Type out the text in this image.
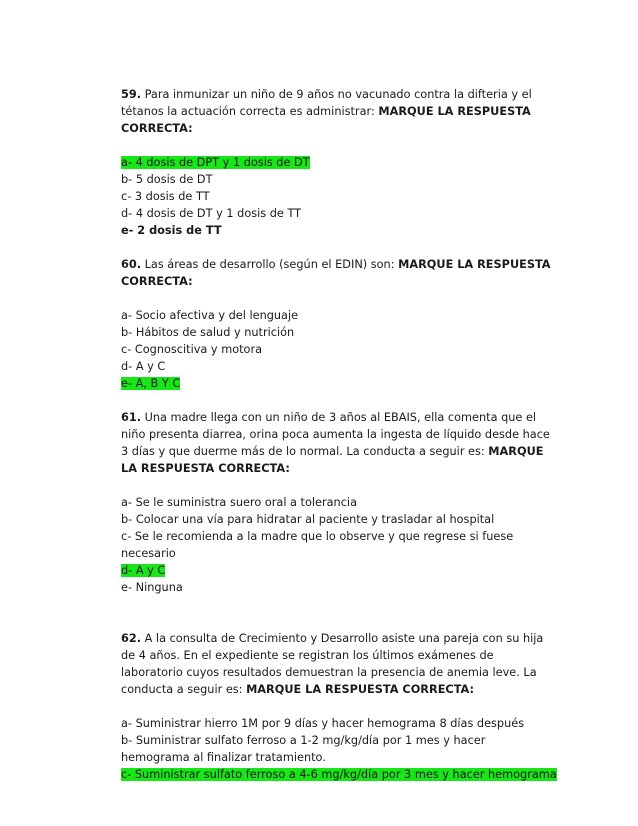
59. Para inmunizar un niño de 9 años no vacunado contra la difteria y el tétanos la actuación correcta es administrar: MARQUE LA RESPUESTA CORRECTA:

a- 4 dosis de DPT y 1 dosis de DT
b- 5 dosis de DT
c- 3 dosis de TT
d- 4 dosis de DT y 1 dosis de TT
e- 2 dosis de TT

60. Las áreas de desarrollo (según el EDIN) son: MARQUE LA RESPUESTA CORRECTA:

a- Socio afectiva y del lenguaje
b- Hábitos de salud y nutrición
c- Cognoscitiva y motora
d- A y C
e- A, B Y C

61. Una madre llega con un niño de 3 años al EBAIS, ella comenta que el niño presenta diarrea, orina poca aumenta la ingesta de líquido desde hace 3 días y que duerme más de lo normal. La conducta a seguir es: MARQUE LA RESPUESTA CORRECTA:

a- Se le suministra suero oral a tolerancia
b- Colocar una vía para hidratar al paciente y trasladar al hospital
c- Se le recomienda a la madre que lo observe y que regrese si fuese necesario
d- A y C
e- Ninguna

62. A la consulta de Crecimiento y Desarrollo asiste una pareja con su hija de 4 años. En el expediente se registran los últimos exámenes de laboratorio cuyos resultados demuestran la presencia de anemia leve. La conducta a seguir es: MARQUE LA RESPUESTA CORRECTA:

a- Suministrar hierro 1M por 9 días y hacer hemograma 8 días después
b- Suministrar sulfato ferroso a 1-2 mg/kg/día por 1 mes y hacer hemograma al finalizar tratamiento.
c- Suministrar sulfato ferroso a 4-6 mg/kg/día por 3 mes y hacer hemograma
